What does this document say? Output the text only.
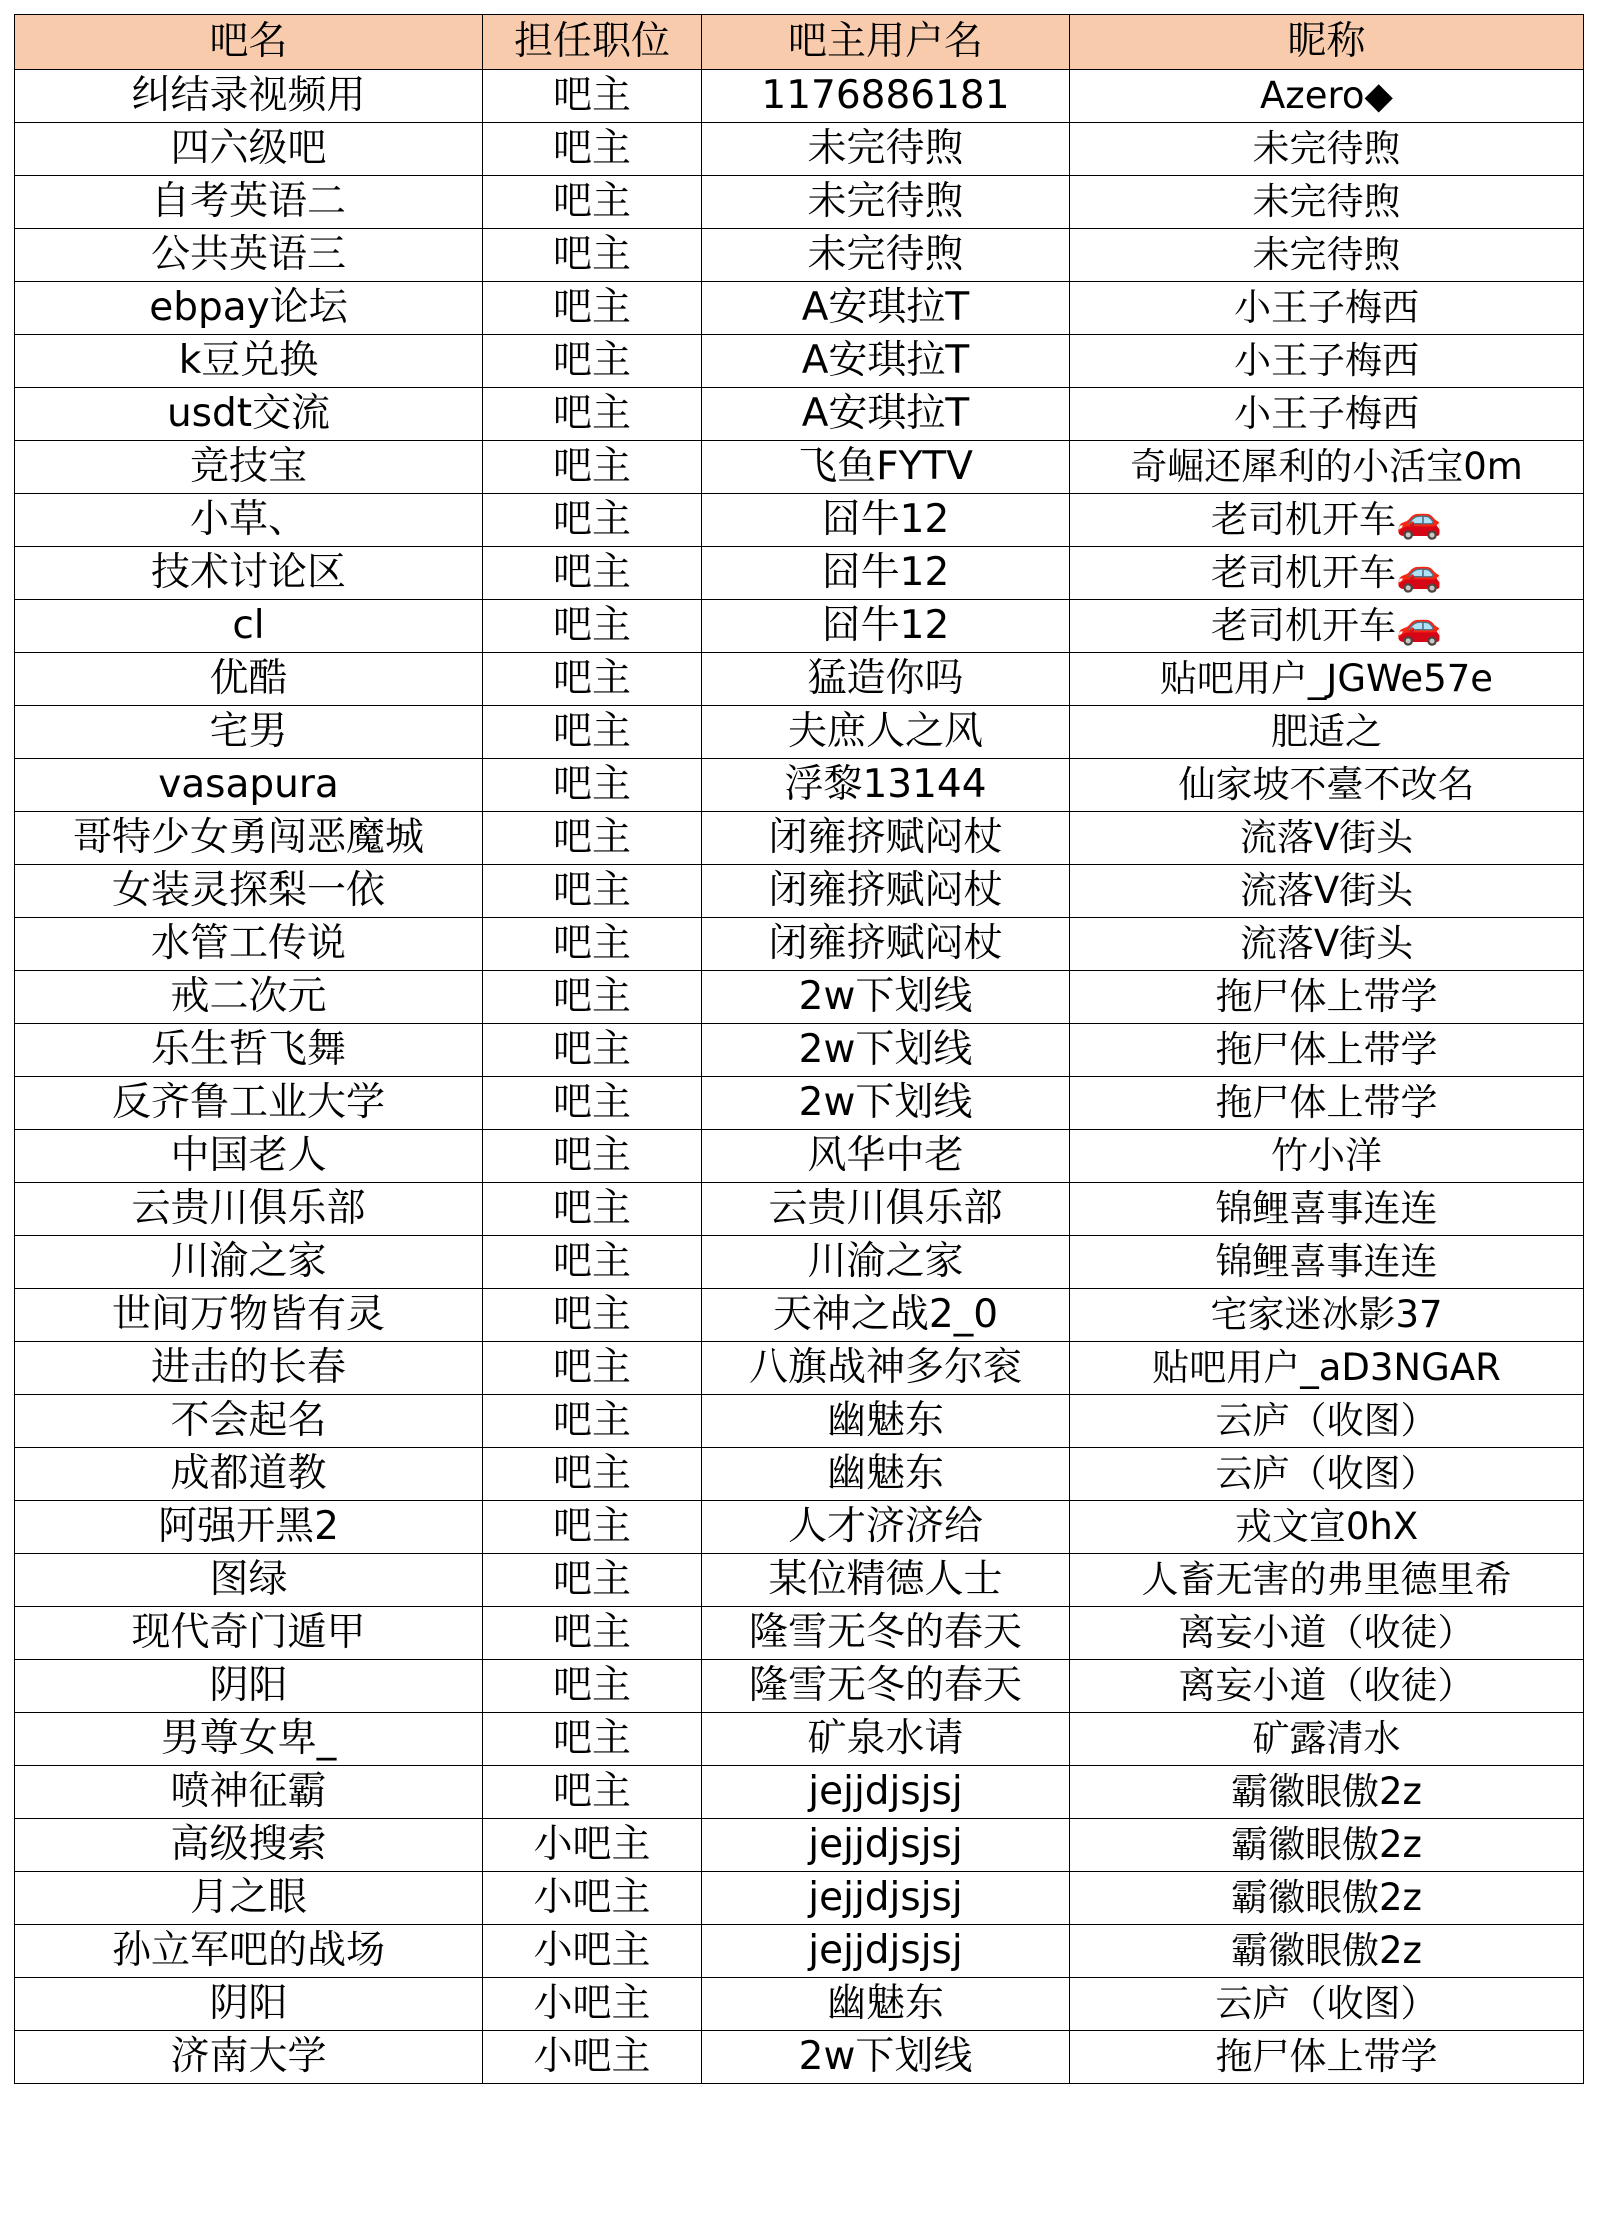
吧名	担任职位	吧主用户名	昵称
纠结录视频用	吧主	1176886181	Azero◆
四六级吧	吧主	未完待煦	未完待煦
自考英语二	吧主	未完待煦	未完待煦
公共英语三	吧主	未完待煦	未完待煦
ebpay论坛	吧主	A安琪拉T	小王子梅西
k豆兑换	吧主	A安琪拉T	小王子梅西
usdt交流	吧主	A安琪拉T	小王子梅西
竞技宝	吧主	飞鱼FYTV	奇崛还犀利的小活宝0m
小草、	吧主	囧牛12	老司机开车🚗
技术讨论区	吧主	囧牛12	老司机开车🚗
cl	吧主	囧牛12	老司机开车🚗
优酷	吧主	猛造你吗	贴吧用户_JGWe57e
宅男	吧主	夫庶人之风	肥适之
vasapura	吧主	浮黎13144	仙家坡不臺不改名
哥特少女勇闯恶魔城	吧主	闭雍挤赋闷杖	流落V街头
女装灵探梨一依	吧主	闭雍挤赋闷杖	流落V街头
水管工传说	吧主	闭雍挤赋闷杖	流落V街头
戒二次元	吧主	2w下划线	拖尸体上带学
乐生哲飞舞	吧主	2w下划线	拖尸体上带学
反齐鲁工业大学	吧主	2w下划线	拖尸体上带学
中国老人	吧主	风华中老	竹小洋
云贵川俱乐部	吧主	云贵川俱乐部	锦鲤喜事连连
川渝之家	吧主	川渝之家	锦鲤喜事连连
世间万物皆有灵	吧主	天神之战2_0	宅家迷冰影37
进击的长春	吧主	八旗战神多尔衮	贴吧用户_aD3NGAR
不会起名	吧主	幽魅东	云庐（收图）
成都道教	吧主	幽魅东	云庐（收图）
阿强开黑2	吧主	人才济济给	戎文宣0hX
图绿	吧主	某位精德人士	人畜无害的弗里德里希
现代奇门遁甲	吧主	隆雪无冬的春天	离妄小道（收徒）
阴阳	吧主	隆雪无冬的春天	离妄小道（收徒）
男尊女卑_	吧主	矿泉水请	矿露清水
喷神征霸	吧主	jejjdjsjsj	霸徽眼傲2z
高级搜索	小吧主	jejjdjsjsj	霸徽眼傲2z
月之眼	小吧主	jejjdjsjsj	霸徽眼傲2z
孙立军吧的战场	小吧主	jejjdjsjsj	霸徽眼傲2z
阴阳	小吧主	幽魅东	云庐（收图）
济南大学	小吧主	2w下划线	拖尸体上带学
